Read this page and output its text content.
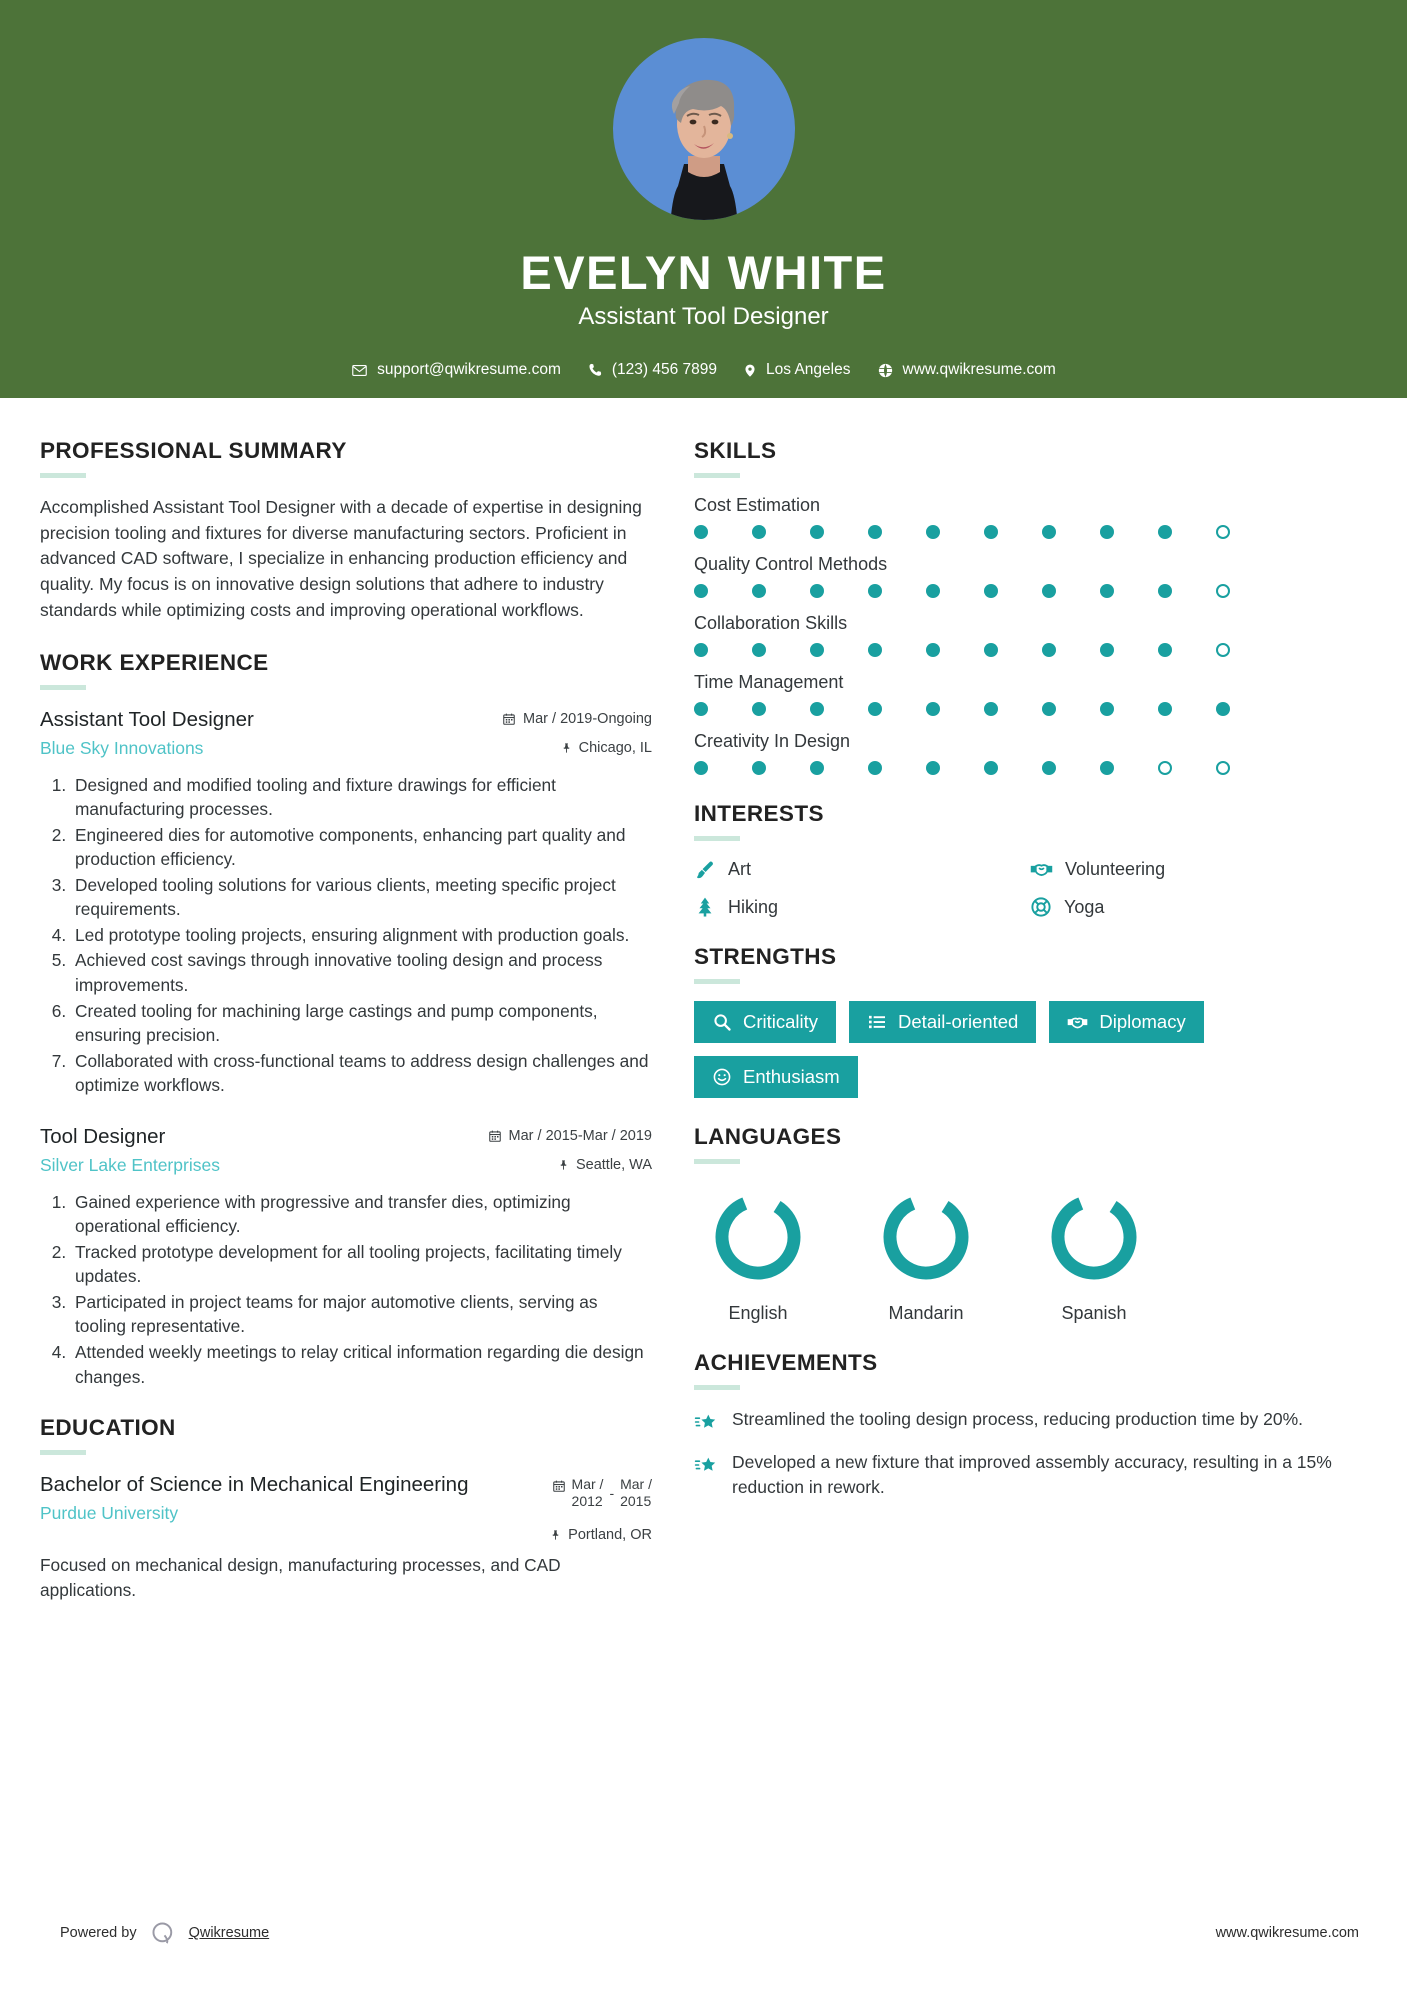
EVELYN WHITE
Assistant Tool Designer
support@qwikresume.com	(123) 456 7899	Los Angeles	www.qwikresume.com
PROFESSIONAL SUMMARY
Accomplished Assistant Tool Designer with a decade of expertise in designing precision tooling and fixtures for diverse manufacturing sectors. Proficient in advanced CAD software, I specialize in enhancing production efficiency and quality. My focus is on innovative design solutions that adhere to industry standards while optimizing costs and improving operational workflows.
WORK EXPERIENCE
Assistant Tool Designer
Blue Sky Innovations
Mar / 2019-Ongoing
Chicago, IL
1. Designed and modified tooling and fixture drawings for efficient manufacturing processes.
2. Engineered dies for automotive components, enhancing part quality and production efficiency.
3. Developed tooling solutions for various clients, meeting specific project requirements.
4. Led prototype tooling projects, ensuring alignment with production goals.
5. Achieved cost savings through innovative tooling design and process improvements.
6. Created tooling for machining large castings and pump components, ensuring precision.
7. Collaborated with cross-functional teams to address design challenges and optimize workflows.
Tool Designer
Silver Lake Enterprises
Mar / 2015-Mar / 2019
Seattle, WA
1. Gained experience with progressive and transfer dies, optimizing operational efficiency.
2. Tracked prototype development for all tooling projects, facilitating timely updates.
3. Participated in project teams for major automotive clients, serving as tooling representative.
4. Attended weekly meetings to relay critical information regarding die design changes.
EDUCATION
Bachelor of Science in Mechanical Engineering
Purdue University
Mar /
2012 -
Mar /
2015
Portland, OR
Focused on mechanical design, manufacturing processes, and CAD applications.
SKILLS
Cost Estimation
Quality Control Methods
Collaboration Skills
Time Management
Creativity In Design
INTERESTS
Art	Volunteering
Hiking	Yoga
STRENGTHS
Criticality	Detail-oriented	Diplomacy
Enthusiasm
LANGUAGES
English	Mandarin	Spanish
ACHIEVEMENTS
Streamlined the tooling design process, reducing production time by 20%.
Developed a new fixture that improved assembly accuracy, resulting in a 15% reduction in rework.
Powered by	Qwikresume	www.qwikresume.com
